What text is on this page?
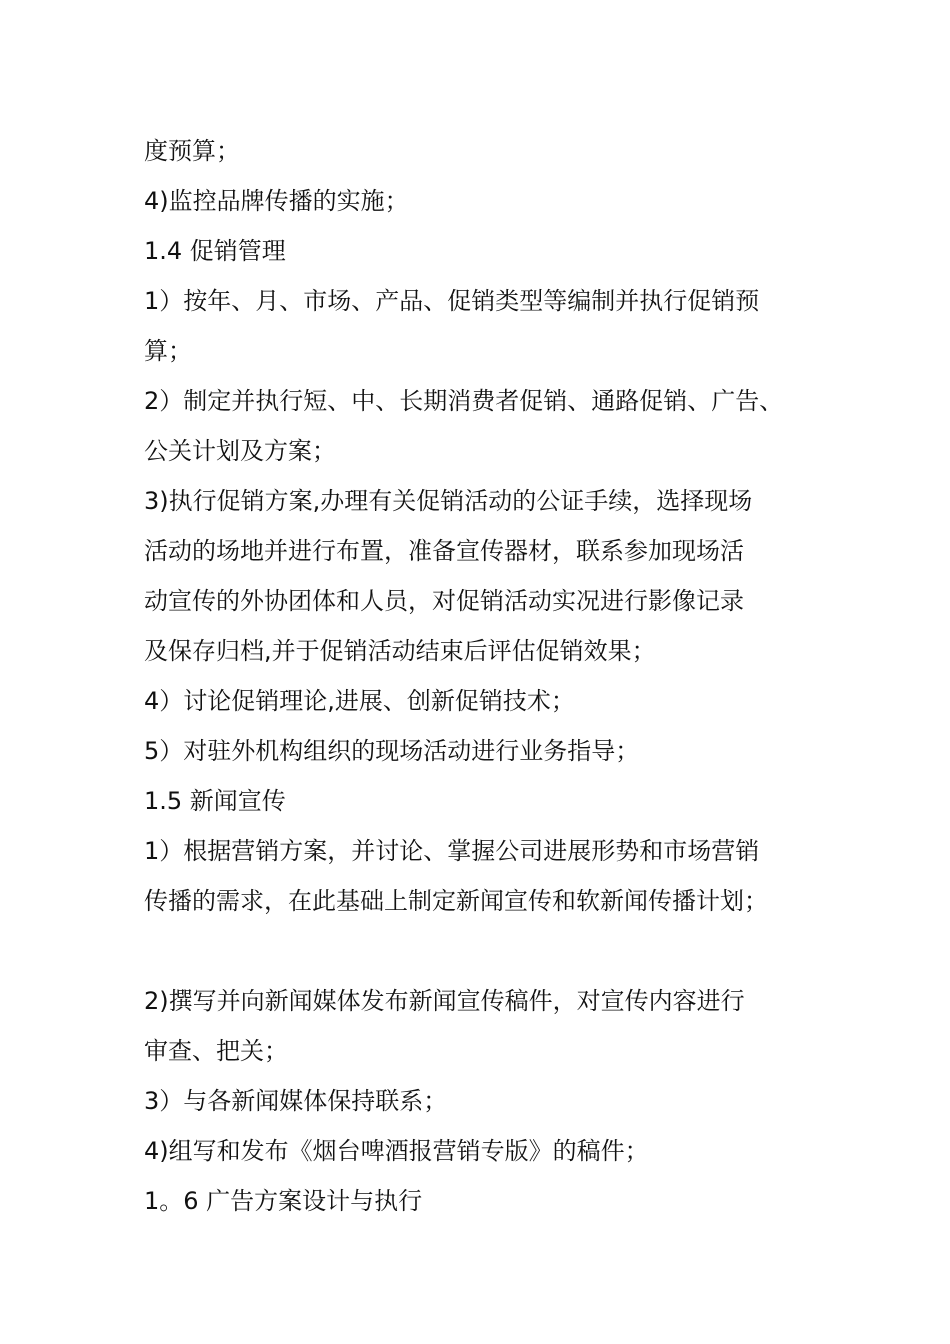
度预算；

4)监控品牌传播的实施；

1.4 促销管理

1）按年、月、市场、产品、促销类型等编制并执行促销预

算；

2）制定并执行短、中、长期消费者促销、通路促销、广告、

公关计划及方案；

3)执行促销方案,办理有关促销活动的公证手续，选择现场

活动的场地并进行布置，准备宣传器材，联系参加现场活

动宣传的外协团体和人员，对促销活动实况进行影像记录

及保存归档,并于促销活动结束后评估促销效果；

4）讨论促销理论,进展、创新促销技术；

5）对驻外机构组织的现场活动进行业务指导；

1.5 新闻宣传

1）根据营销方案，并讨论、掌握公司进展形势和市场营销

传播的需求，在此基础上制定新闻宣传和软新闻传播计划；

2)撰写并向新闻媒体发布新闻宣传稿件，对宣传内容进行

审查、把关；

3）与各新闻媒体保持联系；

4)组写和发布《烟台啤酒报营销专版》的稿件；

1。6 广告方案设计与执行
